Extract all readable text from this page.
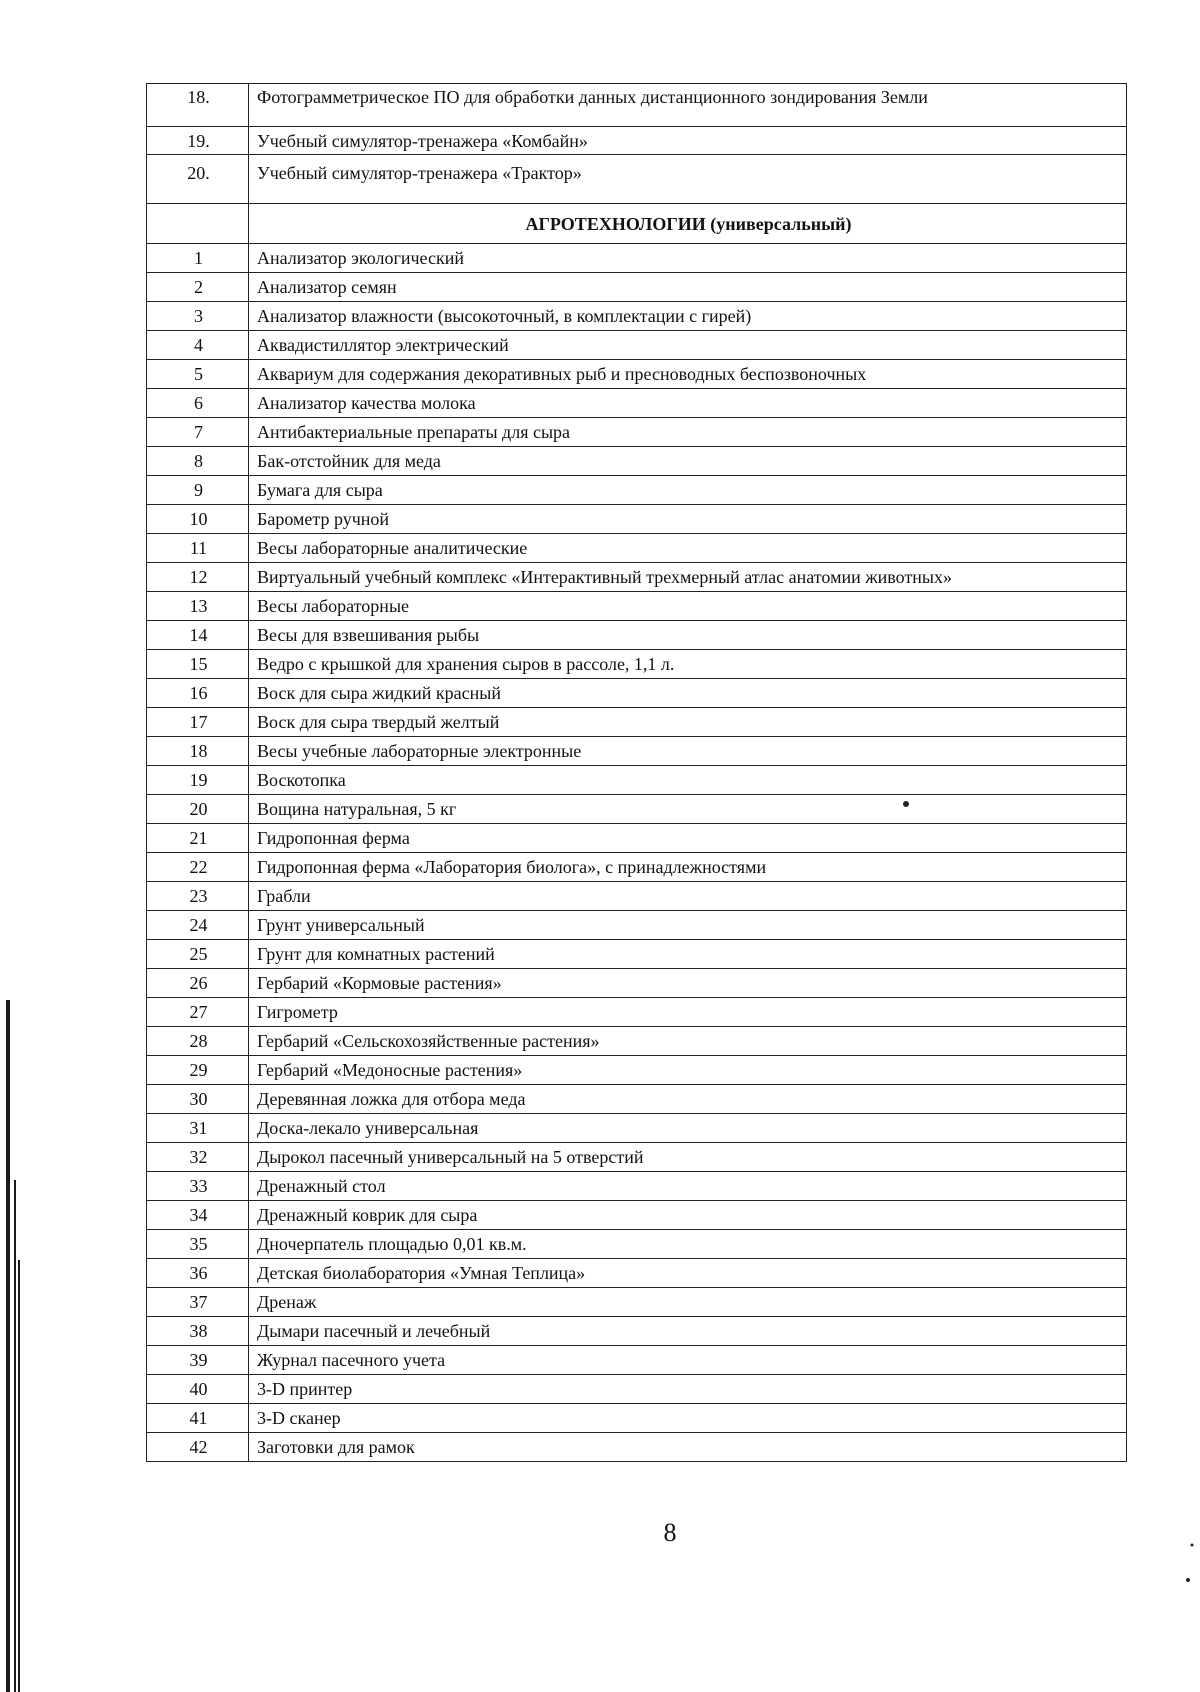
18.	Фотограмметрическое ПО для обработки данных дистанционного зондирования Земли
19.	Учебный симулятор-тренажера «Комбайн»
20.	Учебный симулятор-тренажера «Трактор»
	АГРОТЕХНОЛОГИИ (универсальный)
1	Анализатор экологический
2	Анализатор семян
3	Анализатор влажности (высокоточный, в комплектации с гирей)
4	Аквадистиллятор электрический
5	Аквариум для содержания декоративных рыб и пресноводных беспозвоночных
6	Анализатор качества молока
7	Антибактериальные препараты для сыра
8	Бак-отстойник для меда
9	Бумага для сыра
10	Барометр ручной
11	Весы лабораторные аналитические
12	Виртуальный учебный комплекс «Интерактивный трехмерный атлас анатомии животных»
13	Весы лабораторные
14	Весы для взвешивания рыбы
15	Ведро с крышкой для хранения сыров в рассоле, 1,1 л.
16	Воск для сыра жидкий красный
17	Воск для сыра твердый желтый
18	Весы учебные лабораторные электронные
19	Воскотопка
20	Вощина натуральная, 5 кг
21	Гидропонная ферма
22	Гидропонная ферма «Лаборатория биолога», с принадлежностями
23	Грабли
24	Грунт универсальный
25	Грунт для комнатных растений
26	Гербарий «Кормовые растения»
27	Гигрометр
28	Гербарий «Сельскохозяйственные растения»
29	Гербарий «Медоносные растения»
30	Деревянная ложка для отбора меда
31	Доска-лекало универсальная
32	Дырокол пасечный универсальный на 5 отверстий
33	Дренажный стол
34	Дренажный коврик для сыра
35	Дночерпатель площадью 0,01 кв.м.
36	Детская биолаборатория «Умная Теплица»
37	Дренаж
38	Дымари пасечный и лечебный
39	Журнал пасечного учета
40	3-D принтер
41	3-D сканер
42	Заготовки для рамок
8
